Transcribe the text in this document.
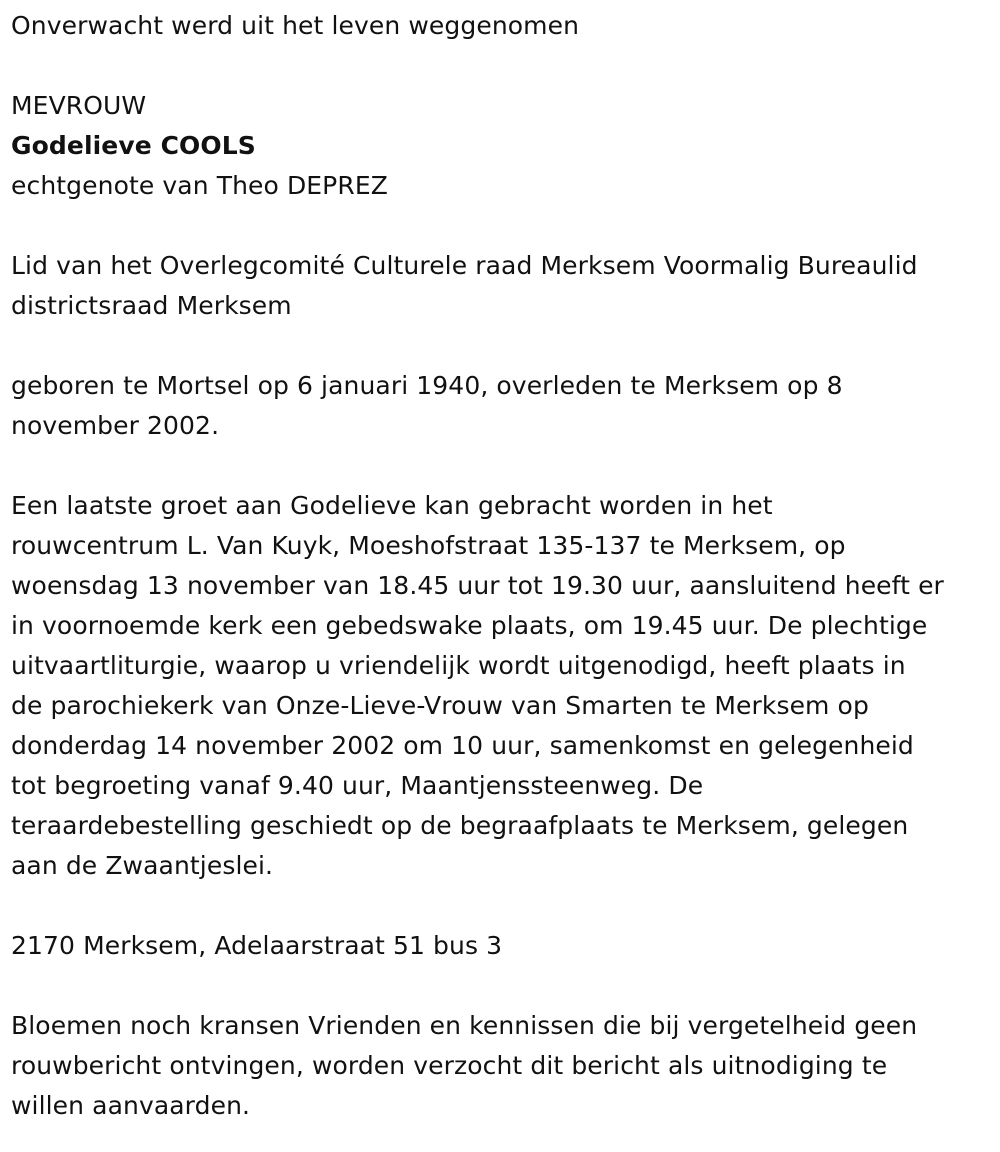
Onverwacht werd uit het leven weggenomen
MEVROUW
Godelieve COOLS
echtgenote van Theo DEPREZ
Lid van het Overlegcomité Culturele raad Merksem Voormalig Bureaulid
districtsraad Merksem
geboren te Mortsel op 6 januari 1940, overleden te Merksem op 8
november 2002.
Een laatste groet aan Godelieve kan gebracht worden in het
rouwcentrum L. Van Kuyk, Moeshofstraat 135-137 te Merksem, op
woensdag 13 november van 18.45 uur tot 19.30 uur, aansluitend heeft er
in voornoemde kerk een gebedswake plaats, om 19.45 uur. De plechtige
uitvaartliturgie, waarop u vriendelijk wordt uitgenodigd, heeft plaats in
de parochiekerk van Onze-Lieve-Vrouw van Smarten te Merksem op
donderdag 14 november 2002 om 10 uur, samenkomst en gelegenheid
tot begroeting vanaf 9.40 uur, Maantjenssteenweg. De
teraardebestelling geschiedt op de begraafplaats te Merksem, gelegen
aan de Zwaantjeslei.
2170 Merksem, Adelaarstraat 51 bus 3
Bloemen noch kransen Vrienden en kennissen die bij vergetelheid geen
rouwbericht ontvingen, worden verzocht dit bericht als uitnodiging te
willen aanvaarden.
